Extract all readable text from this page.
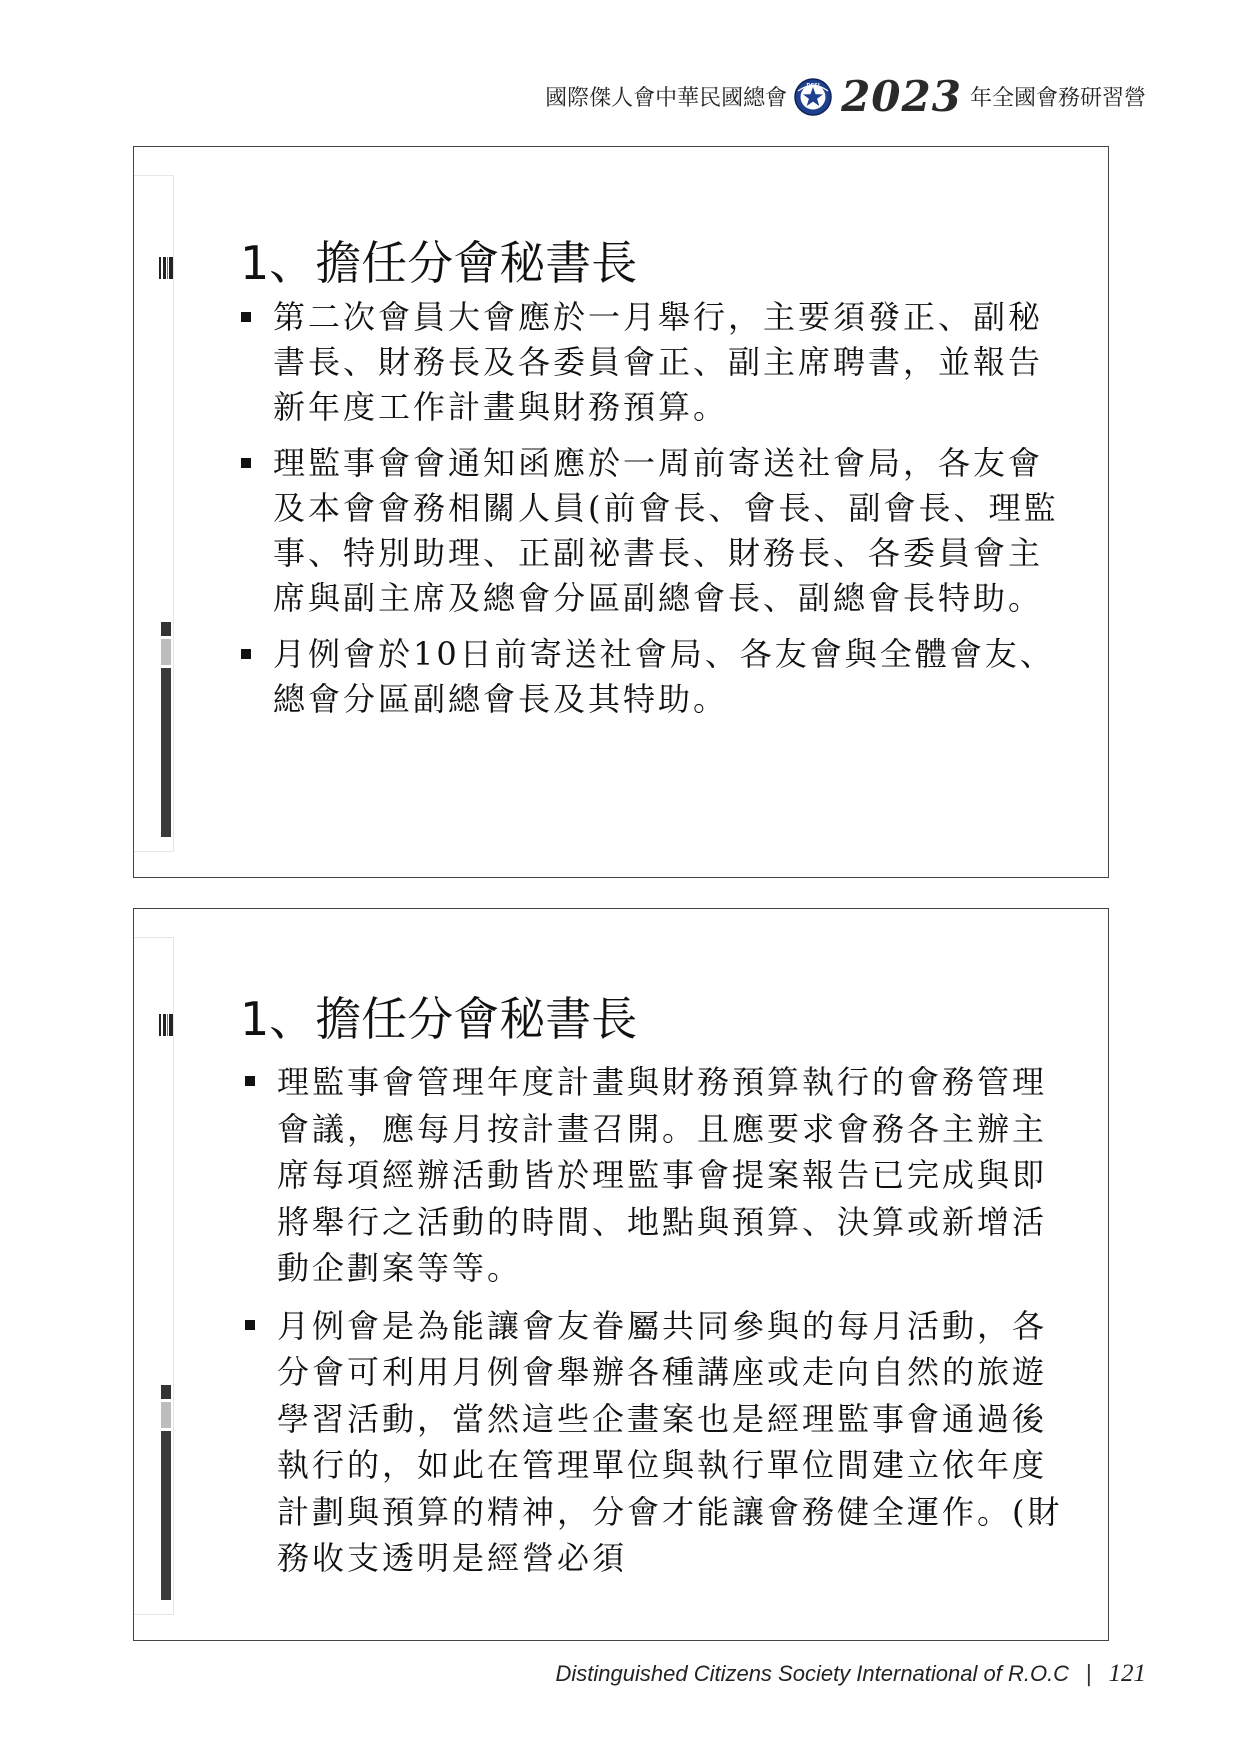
國際傑人會中華民國總會
DCSI 2023 年全國會務研習營
1、擔任分會秘書長
第二次會員大會應於一月舉行，主要須發正、副秘書長、財務長及各委員會正、副主席聘書，並報告新年度工作計畫與財務預算。
理監事會會通知函應於一周前寄送社會局，各友會及本會會務相關人員(前會長、會長、副會長、理監事、特別助理、正副祕書長、財務長、各委員會主席與副主席及總會分區副總會長、副總會長特助。
月例會於10日前寄送社會局、各友會與全體會友、總會分區副總會長及其特助。
1、擔任分會秘書長
理監事會管理年度計畫與財務預算執行的會務管理會議，應每月按計畫召開。且應要求會務各主辦主席每項經辦活動皆於理監事會提案報告已完成與即將舉行之活動的時間、地點與預算、決算或新增活動企劃案等等。
月例會是為能讓會友眷屬共同參與的每月活動，各分會可利用月例會舉辦各種講座或走向自然的旅遊學習活動，當然這些企畫案也是經理監事會通過後執行的，如此在管理單位與執行單位間建立依年度計劃與預算的精神，分會才能讓會務健全運作。(財務收支透明是經營必須
Distinguished Citizens Society International of R.O.C | 121
